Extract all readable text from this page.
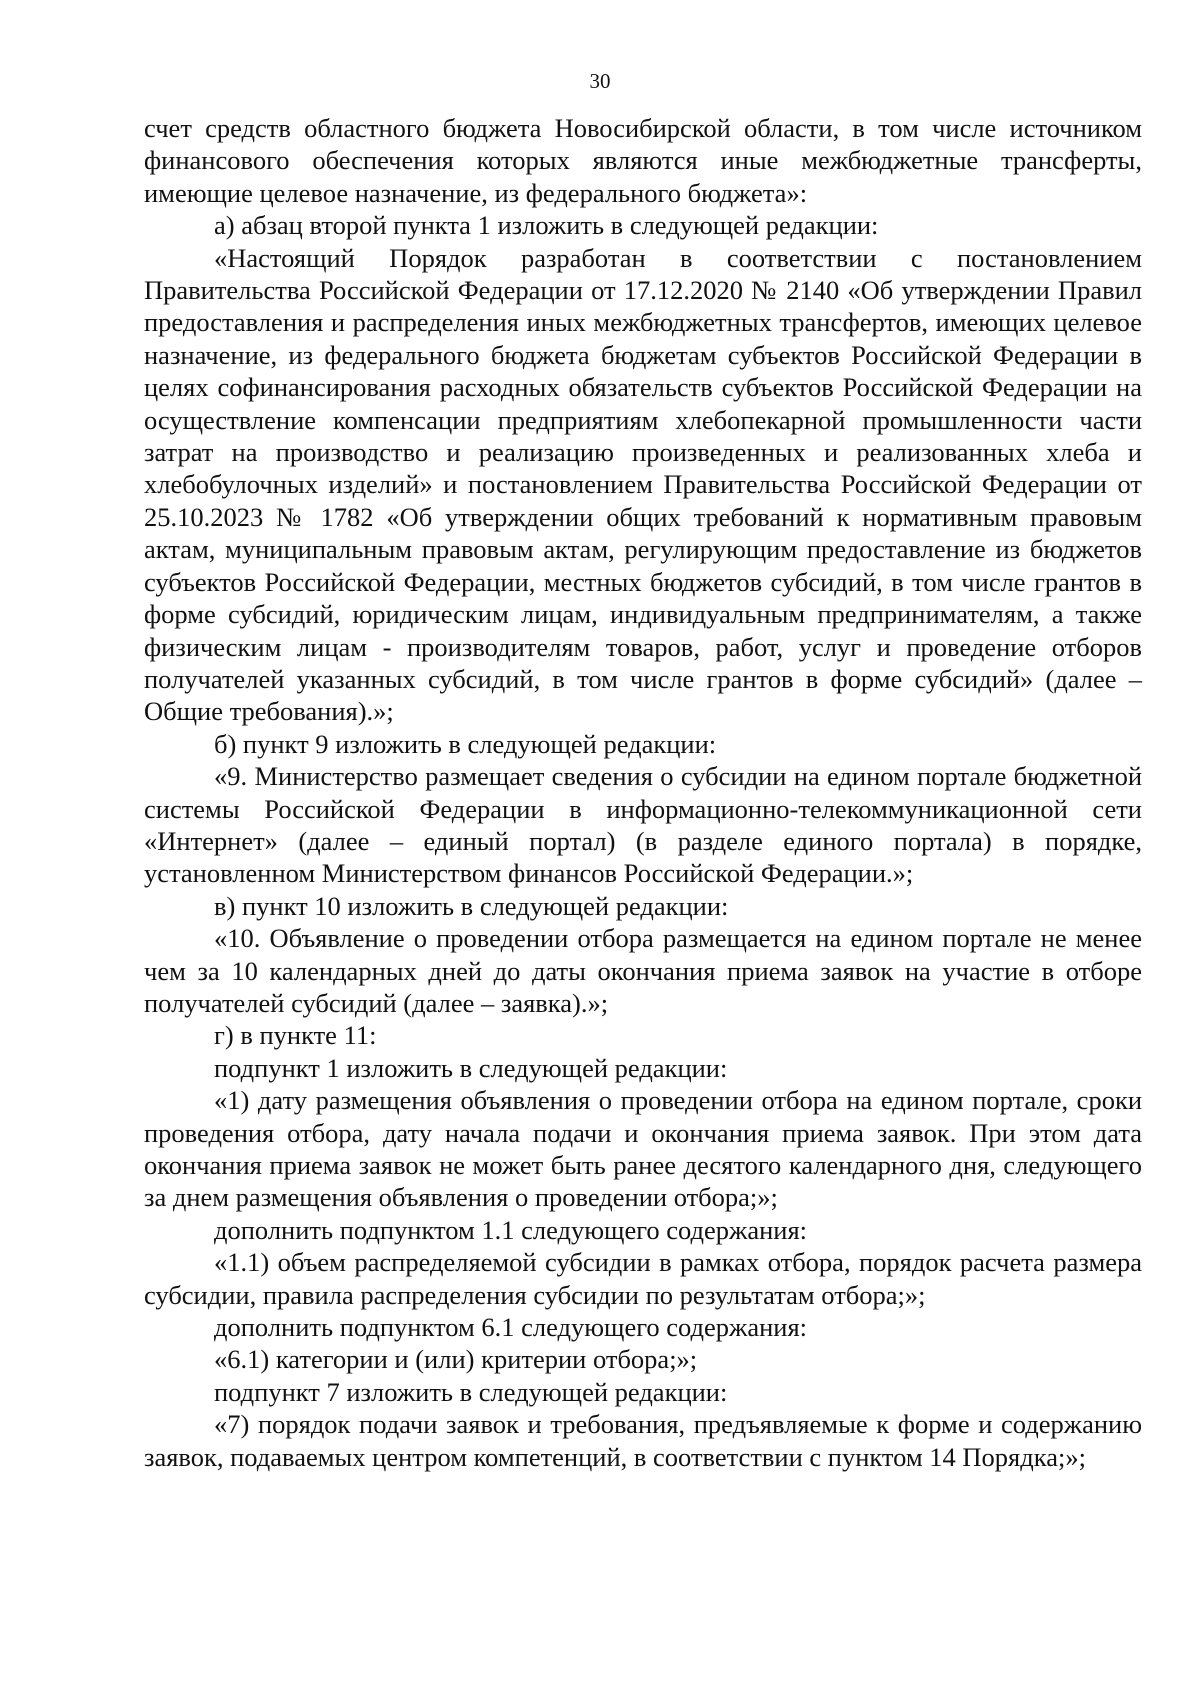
30

счет средств областного бюджета Новосибирской области, в том числе источником финансового обеспечения которых являются иные межбюджетные трансферты, имеющие целевое назначение, из федерального бюджета»:

а) абзац второй пункта 1 изложить в следующей редакции:

«Настоящий Порядок разработан в соответствии с постановлением Правительства Российской Федерации от 17.12.2020 № 2140 «Об утверждении Правил предоставления и распределения иных межбюджетных трансфертов, имеющих целевое назначение, из федерального бюджета бюджетам субъектов Российской Федерации в целях софинансирования расходных обязательств субъектов Российской Федерации на осуществление компенсации предприятиям хлебопекарной промышленности части затрат на производство и реализацию произведенных и реализованных хлеба и хлебобулочных изделий» и постановлением Правительства Российской Федерации от 25.10.2023 № 1782 «Об утверждении общих требований к нормативным правовым актам, муниципальным правовым актам, регулирующим предоставление из бюджетов субъектов Российской Федерации, местных бюджетов субсидий, в том числе грантов в форме субсидий, юридическим лицам, индивидуальным предпринимателям, а также физическим лицам - производителям товаров, работ, услуг и проведение отборов получателей указанных субсидий, в том числе грантов в форме субсидий» (далее – Общие требования).»;

б) пункт 9 изложить в следующей редакции:

«9. Министерство размещает сведения о субсидии на едином портале бюджетной системы Российской Федерации в информационно-телекоммуникационной сети «Интернет» (далее – единый портал) (в разделе единого портала) в порядке, установленном Министерством финансов Российской Федерации.»;

в) пункт 10 изложить в следующей редакции:

«10. Объявление о проведении отбора размещается на едином портале не менее чем за 10 календарных дней до даты окончания приема заявок на участие в отборе получателей субсидий (далее – заявка).»;

г) в пункте 11:

подпункт 1 изложить в следующей редакции:

«1) дату размещения объявления о проведении отбора на едином портале, сроки проведения отбора, дату начала подачи и окончания приема заявок. При этом дата окончания приема заявок не может быть ранее десятого календарного дня, следующего за днем размещения объявления о проведении отбора;»;

дополнить подпунктом 1.1 следующего содержания:

«1.1) объем распределяемой субсидии в рамках отбора, порядок расчета размера субсидии, правила распределения субсидии по результатам отбора;»;

дополнить подпунктом 6.1 следующего содержания:

«6.1) категории и (или) критерии отбора;»;

подпункт 7 изложить в следующей редакции:

«7) порядок подачи заявок и требования, предъявляемые к форме и содержанию заявок, подаваемых центром компетенций, в соответствии с пунктом 14 Порядка;»;
